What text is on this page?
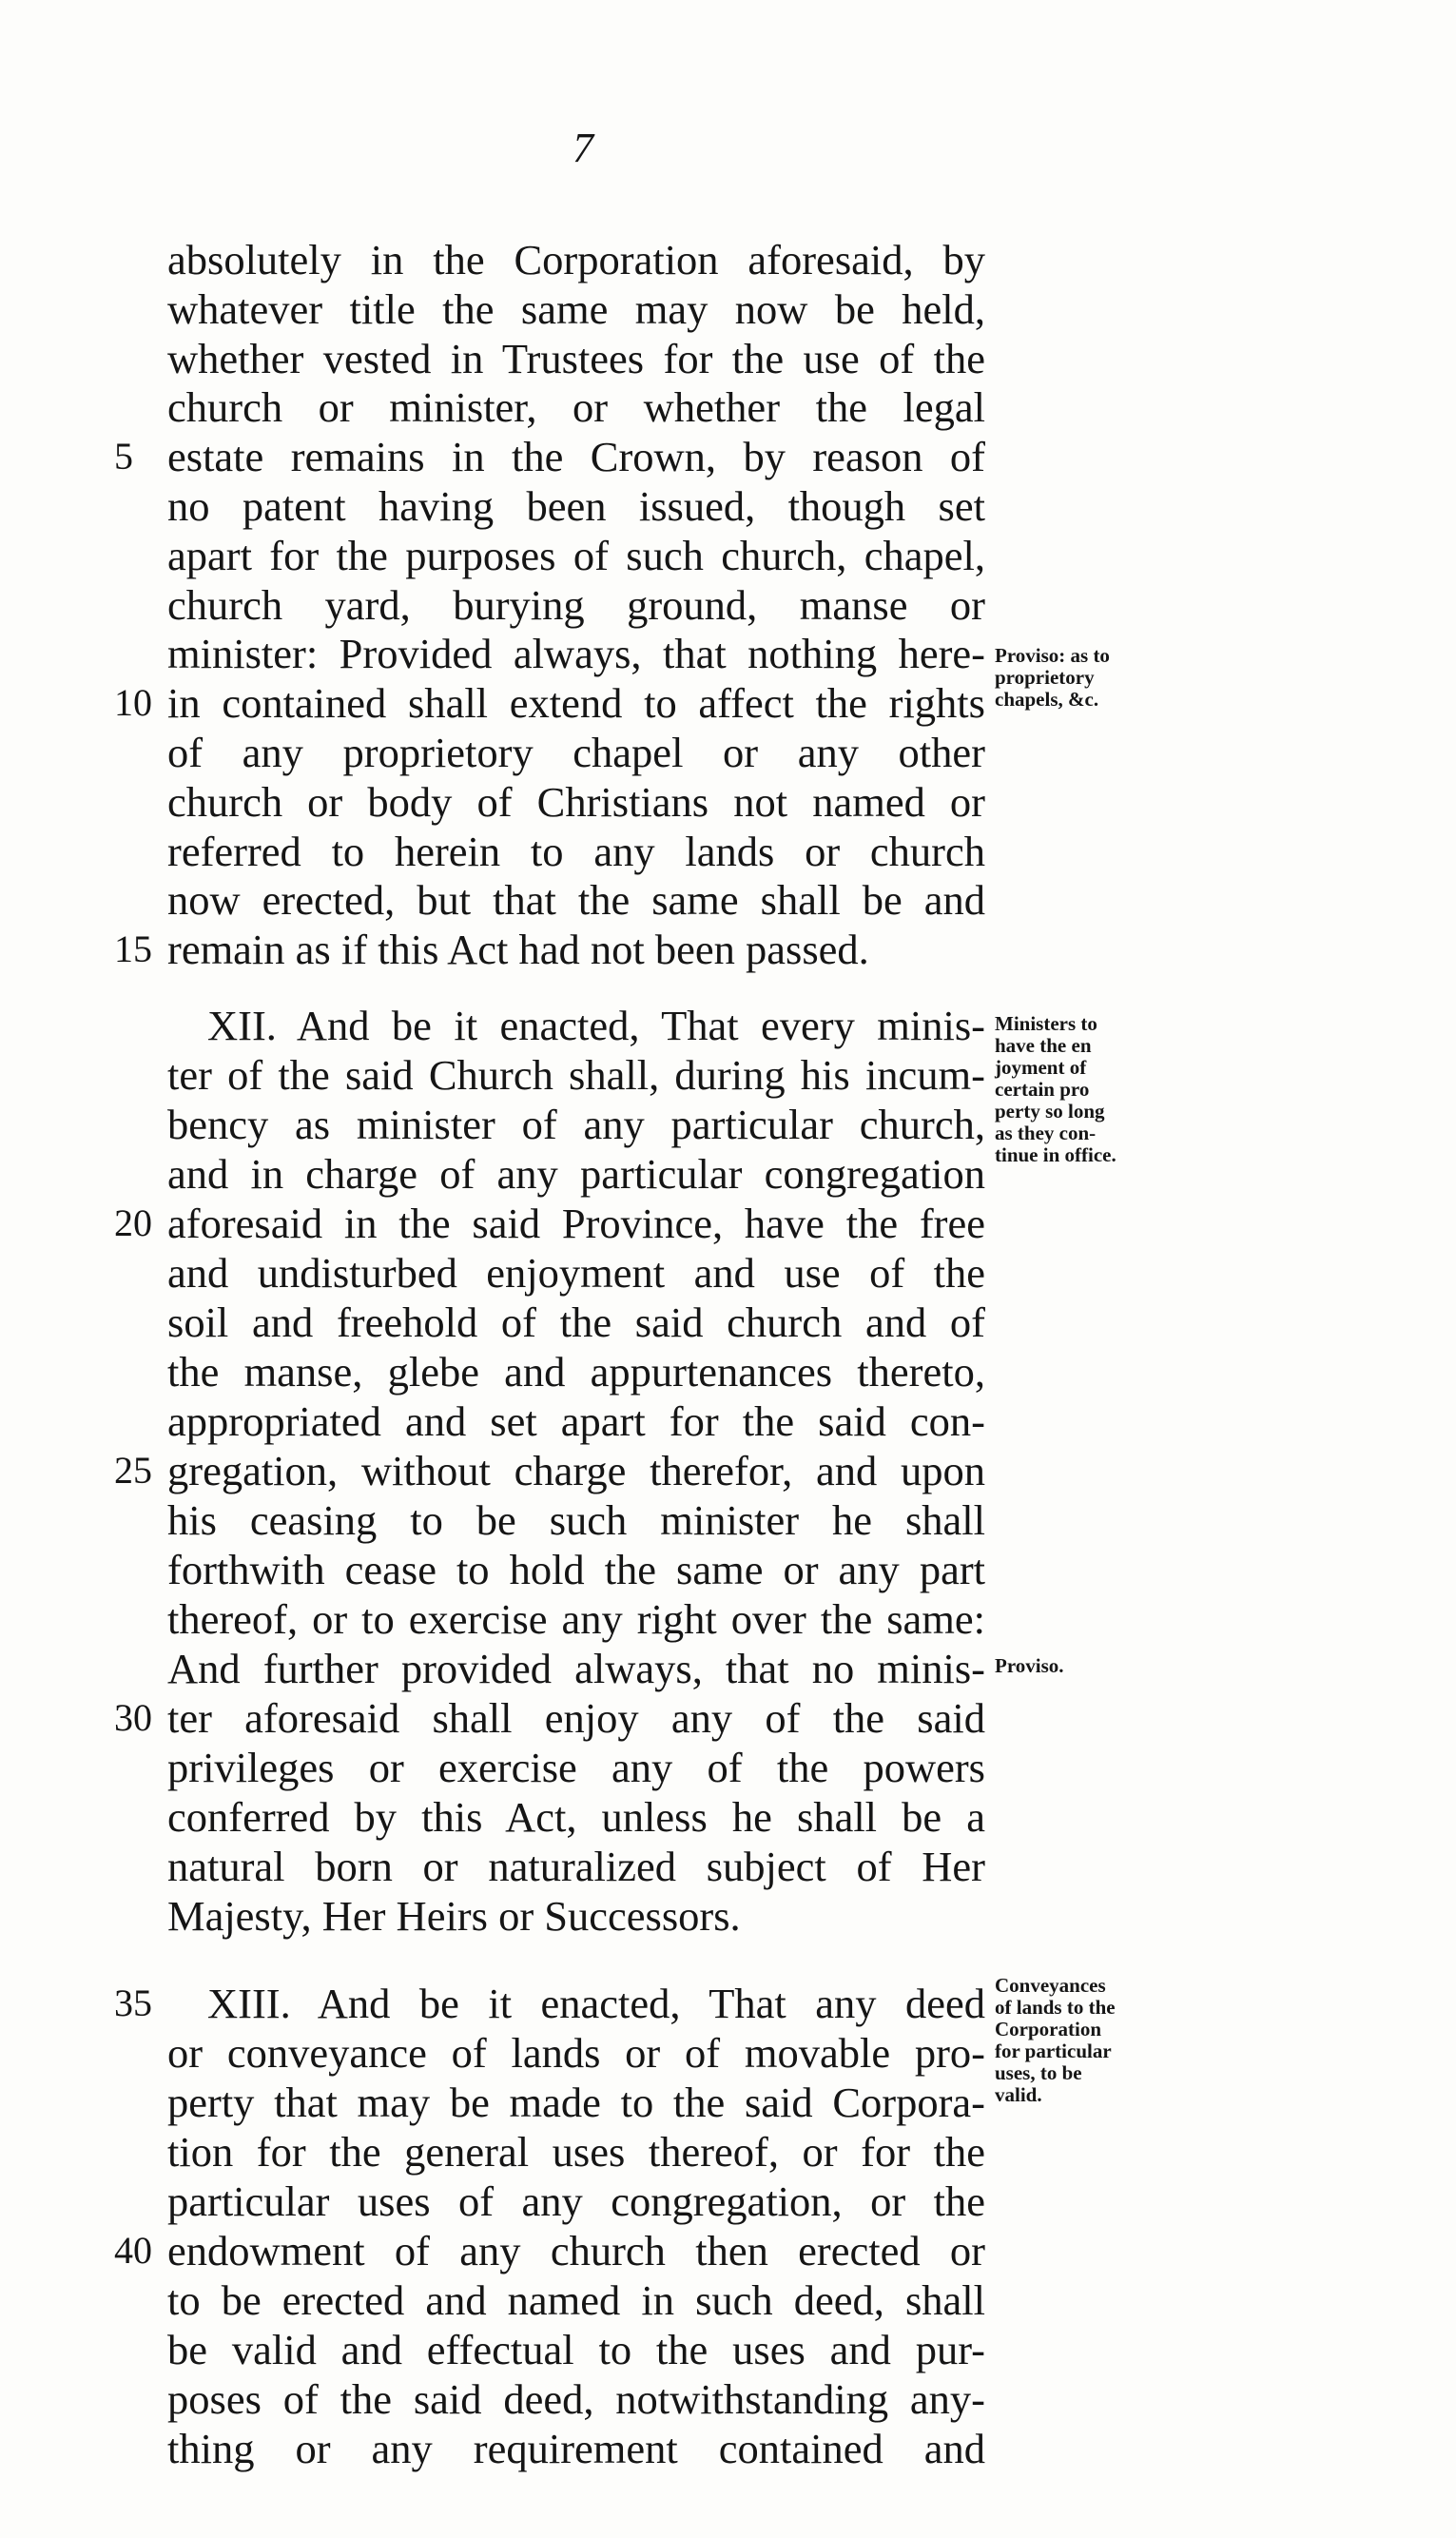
7
absolutely in the Corporation aforesaid, by
whatever title the same may now be held,
whether vested in Trustees for the use of the
church or minister, or whether the legal
estate remains in the Crown, by reason of
no patent having been issued, though set
apart for the purposes of such church, chapel,
church yard, burying ground, manse or
minister: Provided always, that nothing here-
in contained shall extend to affect the rights
of any proprietory chapel or any other
church or body of Christians not named or
referred to herein to any lands or church
now erected, but that the same shall be and
remain as if this Act had not been passed.
XII. And be it enacted, That every minis-
ter of the said Church shall, during his incum-
bency as minister of any particular church,
and in charge of any particular congregation
aforesaid in the said Province, have the free
and undisturbed enjoyment and use of the
soil and freehold of the said church and of
the manse, glebe and appurtenances thereto,
appropriated and set apart for the said con-
gregation, without charge therefor, and upon
his ceasing to be such minister he shall
forthwith cease to hold the same or any part
thereof, or to exercise any right over the same:
And further provided always, that no minis-
ter aforesaid shall enjoy any of the said
privileges or exercise any of the powers
conferred by this Act, unless he shall be a
natural born or naturalized subject of Her
Majesty, Her Heirs or Successors.
XIII. And be it enacted, That any deed
or conveyance of lands or of movable pro-
perty that may be made to the said Corpora-
tion for the general uses thereof, or for the
particular uses of any congregation, or the
endowment of any church then erected or
to be erected and named in such deed, shall
be valid and effectual to the uses and pur-
poses of the said deed, notwithstanding any-
thing or any requirement contained and
5
10
15
20
25
30
35
40
Proviso: as to
proprietory
chapels, &c.
Ministers to
have the en
joyment of
certain pro
perty so long
as they con-
tinue in office.
Proviso.
Conveyances
of lands to the
Corporation
for particular
uses, to be
valid.
